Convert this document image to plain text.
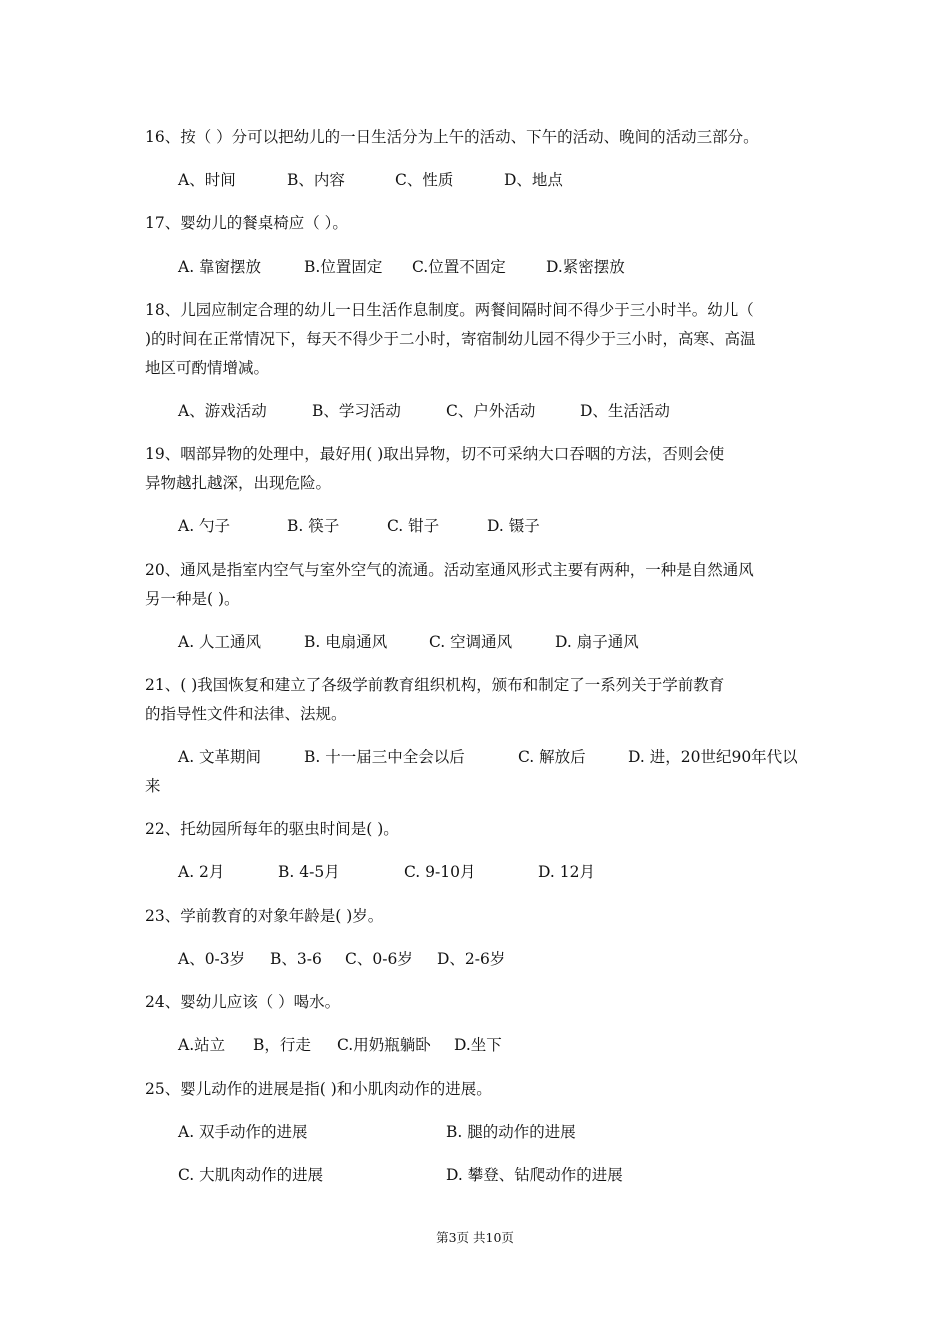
16、按（ ）分可以把幼儿的一日生活分为上午的活动、下午的活动、晚间的活动三部分。
A、时间	B、内容	C、性质	D、地点
17、婴幼儿的餐桌椅应（ ）。
A. 靠窗摆放	B.位置固定 C.位置不固定	D.紧密摆放
18、儿园应制定合理的幼儿一日生活作息制度。两餐间隔时间不得少于三小时半。幼儿（
)的时间在正常情况下，每天不得少于二小时，寄宿制幼儿园不得少于三小时，高寒、高温
地区可酌情增减。
A、游戏活动	B、学习活动	C、户外活动	D、生活活动
19、咽部异物的处理中，最好用( )取出异物，切不可采纳大口吞咽的方法，否则会使
异物越扎越深，出现危险。
A. 勺子	B. 筷子	C. 钳子	D. 镊子
20、通风是指室内空气与室外空气的流通。活动室通风形式主要有两种，一种是自然通风
另一种是( )。
A. 人工通风	B. 电扇通风	C. 空调通风	D. 扇子通风
21、( )我国恢复和建立了各级学前教育组织机构，颁布和制定了一系列关于学前教育
的指导性文件和法律、法规。
A. 文革期间	B. 十一届三中全会以后	C. 解放后	D. 进，20世纪90年代以
来
22、托幼园所每年的驱虫时间是( )。
A. 2月	B. 4-5月	C. 9-10月	D. 12月
23、学前教育的对象年龄是( )岁。
A、0-3岁 B、3-6 C、0-6岁 D、2-6岁
24、婴幼儿应该（ ）喝水。
A.站立 B，行走 C.用奶瓶躺卧 D.坐下
25、婴儿动作的进展是指( )和小肌肉动作的进展。
A. 双手动作的进展	B. 腿的动作的进展
C. 大肌肉动作的进展	D. 攀登、钻爬动作的进展
第3页 共10页
